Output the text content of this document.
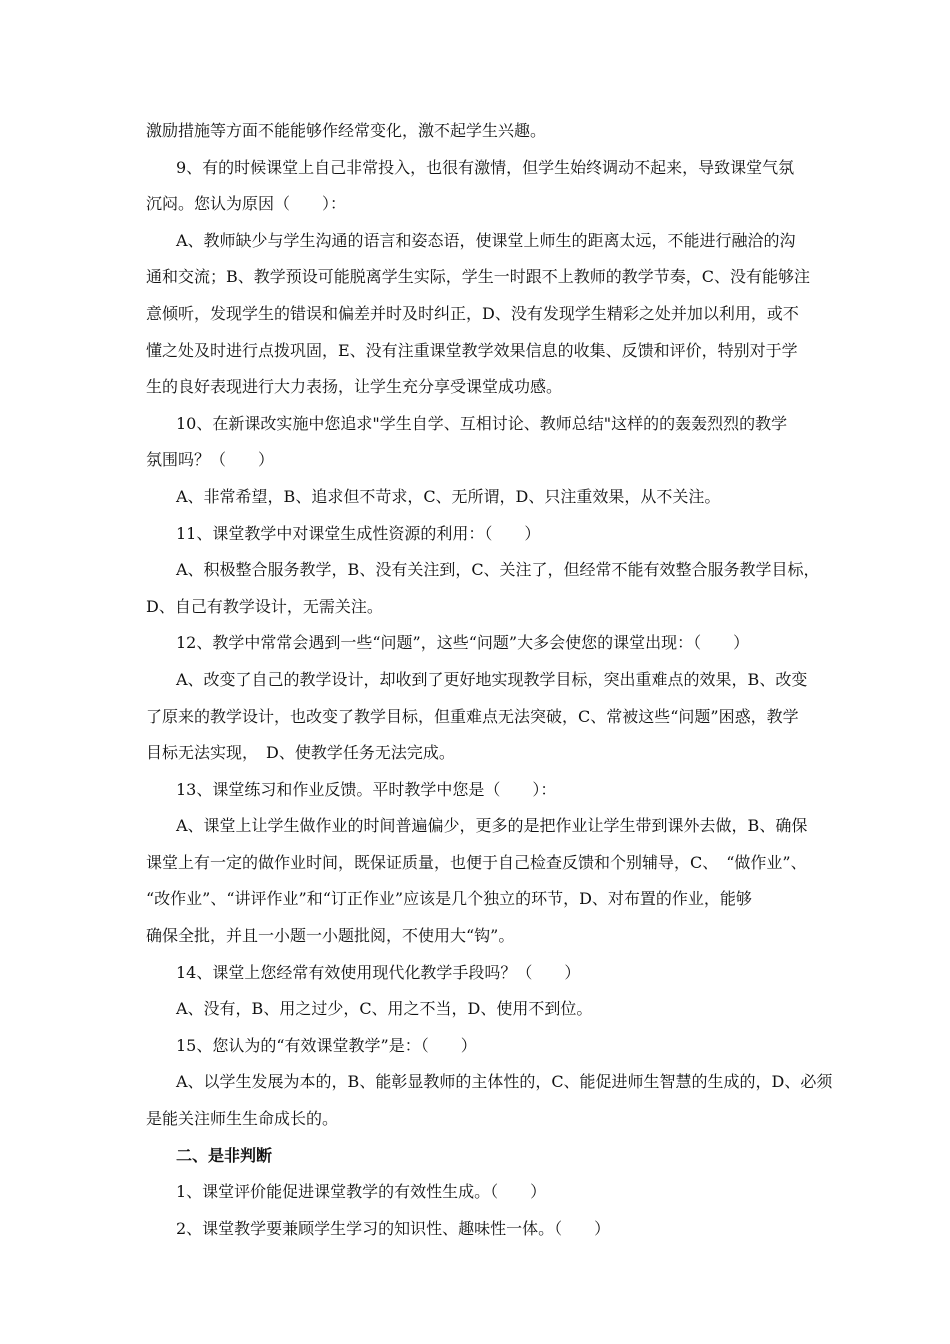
激励措施等方面不能能够作经常变化，激不起学生兴趣。
9、有的时候课堂上自己非常投入，也很有激情，但学生始终调动不起来，导致课堂气氛
沉闷。您认为原因（　　）：
A、教师缺少与学生沟通的语言和姿态语，使课堂上师生的距离太远，不能进行融洽的沟
通和交流；B、教学预设可能脱离学生实际，学生一时跟不上教师的教学节奏，C、没有能够注
意倾听，发现学生的错误和偏差并时及时纠正，D、没有发现学生精彩之处并加以利用，或不
懂之处及时进行点拨巩固，E、没有注重课堂教学效果信息的收集、反馈和评价，特别对于学
生的良好表现进行大力表扬，让学生充分享受课堂成功感。
10、在新课改实施中您追求"学生自学、互相讨论、教师总结"这样的的轰轰烈烈的教学
氛围吗？（　　）
A、非常希望，B、追求但不苛求，C、无所谓，D、只注重效果，从不关注。
11、课堂教学中对课堂生成性资源的利用：（　　）
A、积极整合服务教学，B、没有关注到，C、关注了，但经常不能有效整合服务教学目标，
D、自己有教学设计，无需关注。
12、教学中常常会遇到一些“问题”，这些“问题”大多会使您的课堂出现：（　　）
A、改变了自己的教学设计，却收到了更好地实现教学目标，突出重难点的效果，B、改变
了原来的教学设计，也改变了教学目标，但重难点无法突破，C、常被这些“问题”困惑，教学
目标无法实现，　D、使教学任务无法完成。
13、课堂练习和作业反馈。平时教学中您是（　　）：
A、课堂上让学生做作业的时间普遍偏少，更多的是把作业让学生带到课外去做，B、确保
课堂上有一定的做作业时间，既保证质量，也便于自己检查反馈和个别辅导，C、　“做作业”、
“改作业”、“讲评作业”和“订正作业”应该是几个独立的环节，D、对布置的作业，能够
确保全批，并且一小题一小题批阅，不使用大“钩”。
14、课堂上您经常有效使用现代化教学手段吗？（　　）
A、没有，B、用之过少，C、用之不当，D、使用不到位。
15、您认为的“有效课堂教学”是：（　　）
A、以学生发展为本的，B、能彰显教师的主体性的，C、能促进师生智慧的生成的，D、必须
是能关注师生生命成长的。
二、是非判断
1、课堂评价能促进课堂教学的有效性生成。（　　）
2、课堂教学要兼顾学生学习的知识性、趣味性一体。（　　）
